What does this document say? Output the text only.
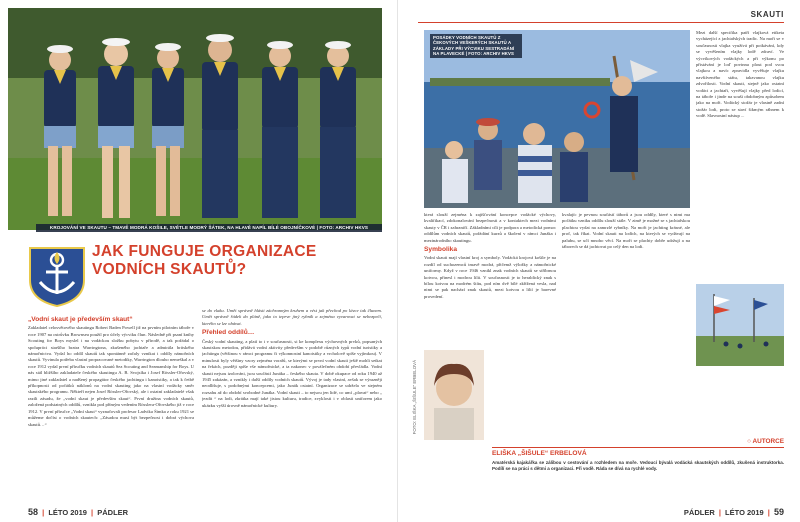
KROJOVÁNÍ VE SKAUTU – TMAVĚ MODRÁ KOŠILE, SVĚTLE MODRÝ ŠÁTEK, NA HLAVĚ NAPÍL BÍLÉ OBOJNÍČKOVÉ | FOTO: ARCHIV HKVS
JAK FUNGUJE ORGANIZACE VODNÍCH SKAUTŮ?
„Vodní skaut je především skaut“
Zakladatel celosvětového skautingu Robert Baden Powell již na prvním pilotním táboře v roce 1907 na ostrůvku Brownsea použil pro účely výcviku člun. Následně při psaní knihy Scouting for Boys myslel i na vodáckou složku pobytu v přírodě, a tak požádal o spolupráci staršího bratra Warringtona, zkušeného jachtaře a admirála britského námořnictva. Vydal ho oddíl skautů tak spontánně začaly vznikat i oddíly námořních skautů. Vyvinula potřeba vlastní propracované metodiky, Warrington dlouho nemeškal a v roce 1912 vydal první příručku vodních skautů Sea Scouting and Seamanship for Boys. U nás stál bližšího zakladatele českého skautingu A. B. Svojsíka i Josef Rössler-Ořovský, mimo jiné zakladatel a nadšený propagátor českého jachtingu i kanoistiky, a tak k četbě příkopnosti od počátků náklonů na vodní skauting jako na vlastní vodácky směr skautského programu. Někteří nejen Josef Rössler-Ořovský, ale i ostatní zakladatelé však razili zásadu, že „vodní skaut je především skaut“. První družina vodních skautů, založená podstatných oddílů, vznikla pod přímým vedením Rösslera-Ořovského již v roce 1912. V první příručce „Vodní skaut“ vyznačovali profesor Ladvika Šimka z roku 1921 se můžeme dočíst o vodních skautech: „Zásadou musí být bezpečnost i dobrá výchova skautů…“
se do vlaku. Umět správně hlásit záchranným kruhem a vést jak přechod po lávce tak člunem. Umět správně řádek do pláně, jako to teprve jiný rybník a zejména vyvarovat se nebezpečí, kterého se lze obávat.
Přehled oddílů…
Český vodní skauting, a platí to i v současnosti, si ke komplexu výchovných prvků, popsaných skautskou metodou, přidává vodní aktivity především v podobě různých typů vodní turistiky a jachtingu (většinou v rámci programu či výkonnostní kanoistiky a vrcholově spíše vyjímkou). V minulosti byly většiny vzory zejména vorařů, se kterými se první vodní skauti ještě mohli setkat na řekách, později spíše vše námořnické, a ta nakonec v poválečném období převládla. Vodní skauti nejsou izolováni, jsou součástí Junáka – českého skauta. V době okupace od roku 1940 až 1945 zakázán, a vznikly i další oddíly vodních skautů. Vývoj je tady vlastní, avšak se výrazněji neodlišuje, s podobnými koncepcemi, jako Junák ostatní. Organizace se udržela ve stejném rozsahu až do období svobodné Junáka. Vodní skauti – to nejsou jen lidé, co umí „plavat“ nebo „ jezdit “ na lodi, zkrátka mají také jistou kulturu, tradice, zvyklosti i v oblasti uniforem jako ukázku vyšší úrovně námořnické kultury.
58 | LÉTO 2019 | PÁDLER
SKAUTI
POSÁDKY VODNÍCH SKAUTŮ Z ČEKOVÝCH VEŠKERÝCH SKAUTŮ A ZÁKLADY PŘI VÝCVIKU SESTRADÁNÍ NA PLAVECKÉ | FOTO: ARCHIV HKVS
Mezi další specifika patří vlajková etiketa vycházející z jachtařských tradic. Na moři se v současnosti vlajka využívá při potkávání, kdy se vyvěšením vlajky lodě zdraví. Ve výcvikových vodáckých a při výkonu po přistávání je loď povinna plout pod svou vlajkou a navíc zpravidla vyvěšuje vlajku navštíveného státu, takzvanou vlajku zdvořilosti. Vodní skauti, stejně jako ostatní vodáci a jachtaři, vyvěšují vlajky před lodicí, na táboře i jinde na souši obdobným způsobem jako na moři. Vodácký stožár je vlastně zadní stožár lodi, proto se staví šikmým ráhnem k vodě. Slavnostní nástup ...
která slouží zejména k zajišťování koncepce vodácké výchovy, kvalifikací, zdokonalování bezpečnosti a v kontaktech mezi vodními skauty v ČR i zahraničí. Základními cíli je podpora a metodická pomoc oddílům vodních skautů, pořádání kurzů a školení v rámci Junáka i mezinárodního skautingu.
Symbolika
Vodní skauti mají vlastní kroj a symboly. Vodácká krojová košile je na rozdíl od suchozemců tmavě modrá, přičemž výložky a námořnické uniformy. Když v roce 1946 vznikl znak vodních skautů se stříbrnou kotvou, přinesl i modrou lilii. V současnosti je to heraldický znak s bílou kotvou na modrém štítu, pod ním dvě bílé zkřížená vesla, nad nimi se pak nachází znak skautů, mezi kotvou a lilií je barevné provedení.
kvalajíc je pevnou součástí táborů a jsou oddíly, které s nimi ma počátku vzniku oddílu slouží stále. V zimě je možné se s jachtařskou plachtou vydat na zamrzlé rybníky. Na moři je jachting krásné, ale proč, tak říkat. Vodní skauti na lodích, na kterých se vydávají na palubu, se učí mnoho věcí. Na moři se plachty dobře udržují a na táborech se dá jachtovat po celý den na lodi.
FOTO: ELIŠKA „ŠIŠULE“ ERBELOVÁ
○ AUTORCE
ELIŠKA „ŠIŠULE“ ERBELOVÁ
Amatérská kajakářka se zálibou v cestování a rozhledem na moře. Vedoucí bývalá vodácká skautských oddílů, zkušená instruktorka. Podílí se na práci s dětmi a organizaci. Při vodě. Ráda se dívá na rychlé vody.
PÁDLER | LÉTO 2019 | 59
